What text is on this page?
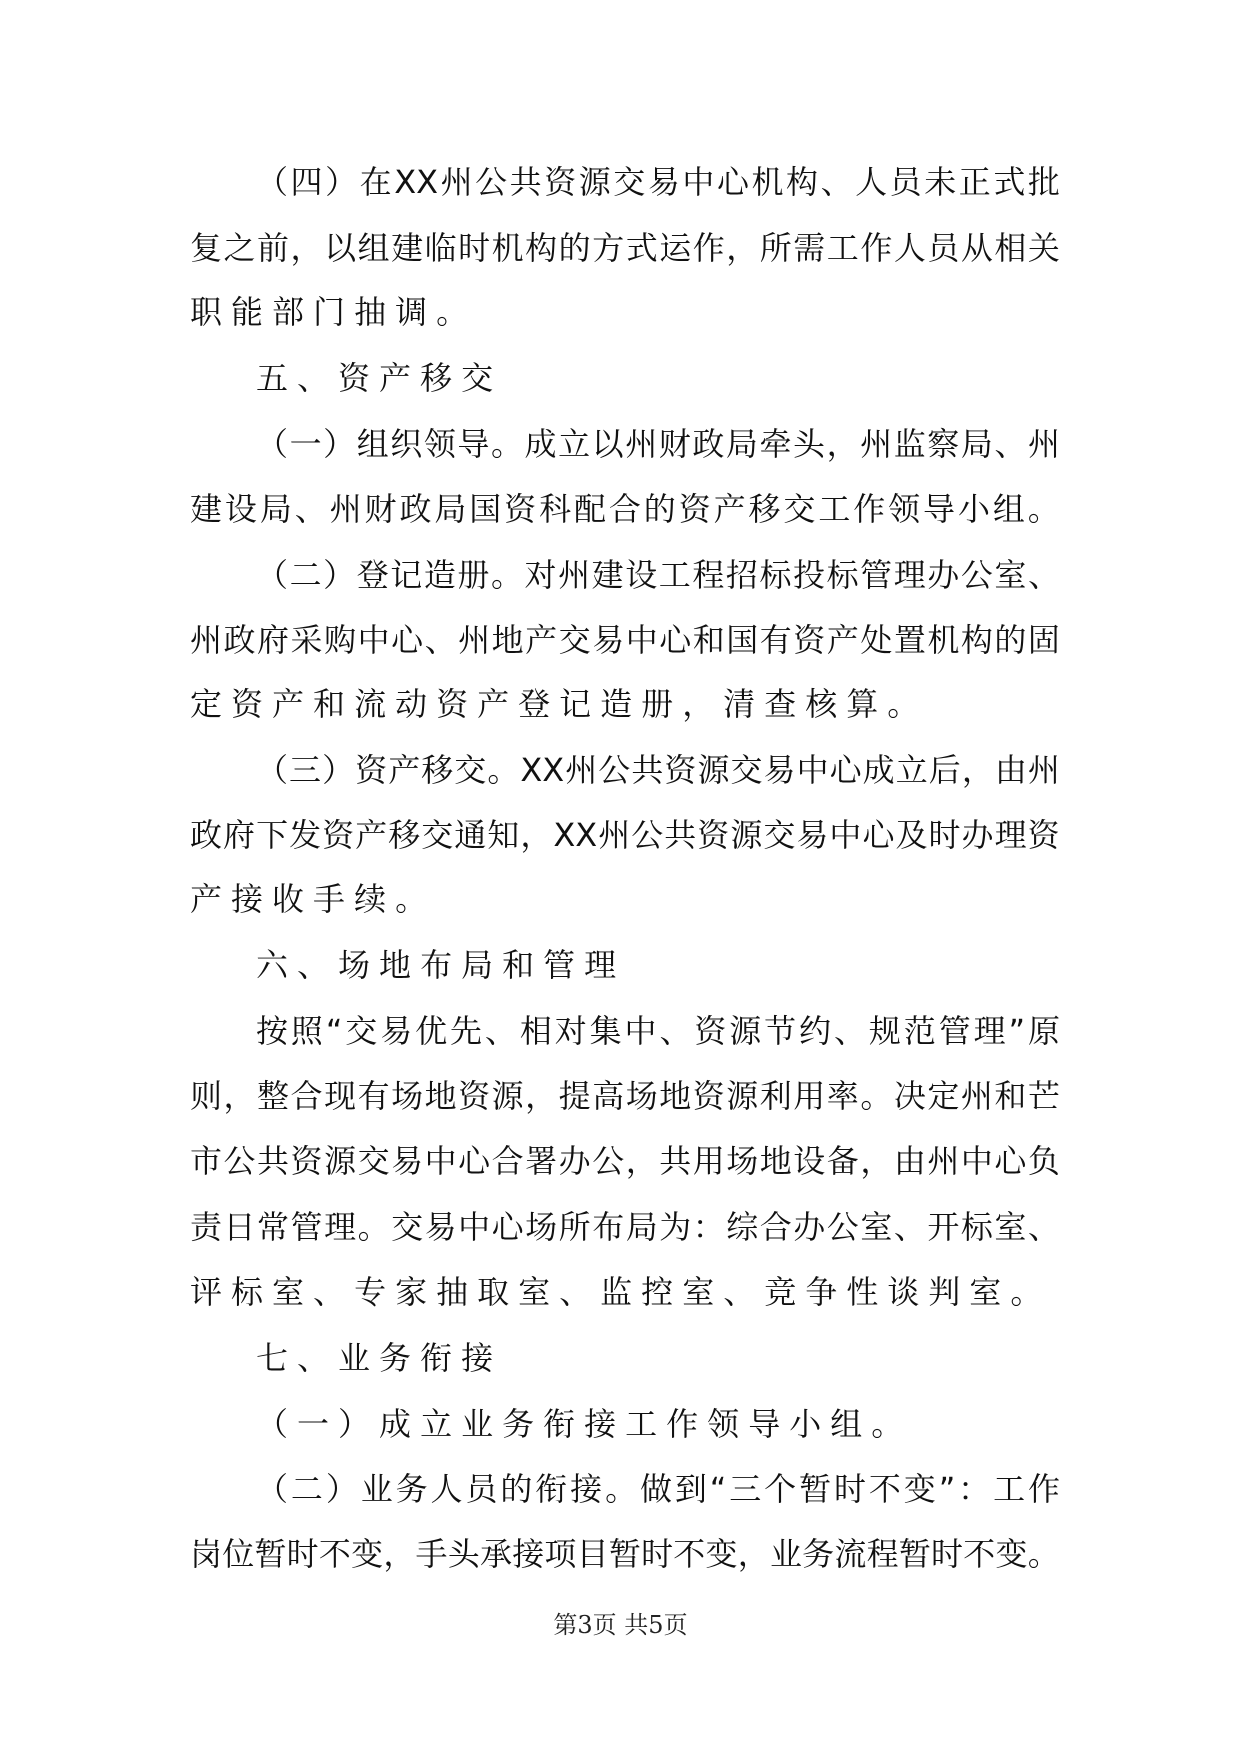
（ 四 ） 在 XX 州 公 共 资 源 交 易 中 心 机 构 、 人 员 未 正 式 批
复 之 前 ， 以 组 建 临 时 机 构 的 方 式 运 作 ， 所 需 工 作 人 员 从 相 关
职 能 部 门 抽 调 。
五 、 资 产 移 交
（ 一 ） 组 织 领 导 。 成 立 以 州 财 政 局 牵 头 ， 州 监 察 局 、 州
建 设 局 、 州 财 政 局 国 资 科 配 合 的 资 产 移 交 工 作 领 导 小 组 。
（ 二 ） 登 记 造 册 。 对 州 建 设 工 程 招 标 投 标 管 理 办 公 室 、
州 政 府 采 购 中 心 、 州 地 产 交 易 中 心 和 国 有 资 产 处 置 机 构 的 固
定 资 产 和 流 动 资 产 登 记 造 册 ， 清 查 核 算 。
（ 三 ） 资 产 移 交 。 XX 州 公 共 资 源 交 易 中 心 成 立 后 ， 由 州
政 府 下 发 资 产 移 交 通 知 ， XX 州 公 共 资 源 交 易 中 心 及 时 办 理 资
产 接 收 手 续 。
六 、 场 地 布 局 和 管 理
按 照 “ 交 易 优 先 、 相 对 集 中 、 资 源 节 约 、 规 范 管 理 ” 原
则 ， 整 合 现 有 场 地 资 源 ， 提 高 场 地 资 源 利 用 率 。 决 定 州 和 芒
市 公 共 资 源 交 易 中 心 合 署 办 公 ， 共 用 场 地 设 备 ， 由 州 中 心 负
责 日 常 管 理 。 交 易 中 心 场 所 布 局 为 ： 综 合 办 公 室 、 开 标 室 、
评 标 室 、 专 家 抽 取 室 、 监 控 室 、 竞 争 性 谈 判 室 。
七 、 业 务 衔 接
（ 一 ） 成 立 业 务 衔 接 工 作 领 导 小 组 。
（ 二 ） 业 务 人 员 的 衔 接 。 做 到 “ 三 个 暂 时 不 变 ” ： 工 作
岗 位 暂 时 不 变 ， 手 头 承 接 项 目 暂 时 不 变 ， 业 务 流 程 暂 时 不 变 。
第3页 共5页
